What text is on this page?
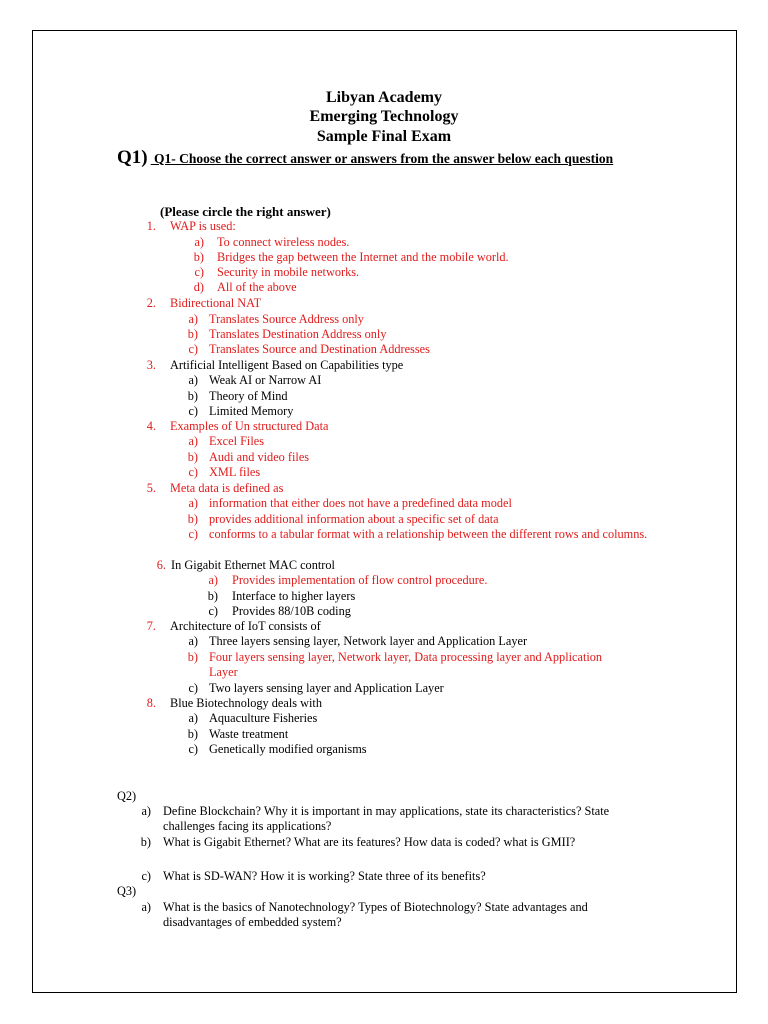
Libyan Academy
Emerging Technology
Sample Final Exam
Q1) Q1- Choose the correct answer or answers from the answer below each question
(Please circle the right answer)
1. WAP is used:
a) To connect wireless nodes.
b) Bridges the gap between the Internet and the mobile world.
c) Security in mobile networks.
d) All of the above
2. Bidirectional NAT
a) Translates Source Address only
b) Translates Destination Address only
c) Translates Source and Destination Addresses
3. Artificial Intelligent Based on Capabilities type
a) Weak AI or Narrow AI
b) Theory of Mind
c) Limited Memory
4. Examples of Un structured Data
a) Excel Files
b) Audi and video files
c) XML files
5. Meta data is defined as
a) information that either does not have a predefined data model
b) provides additional information about a specific set of data
c) conforms to a tabular format with a relationship between the different rows and columns.
6. In Gigabit Ethernet MAC control
a) Provides implementation of flow control procedure.
b) Interface to higher layers
c) Provides 88/10B coding
7. Architecture of IoT consists of
a) Three layers sensing layer, Network layer and Application Layer
b) Four layers sensing layer, Network layer, Data processing layer and Application Layer
c) Two layers sensing layer and Application Layer
8. Blue Biotechnology deals with
a) Aquaculture Fisheries
b) Waste treatment
c) Genetically modified organisms
Q2)
a) Define Blockchain? Why it is important in may applications, state its characteristics? State challenges facing its applications?
b) What is Gigabit Ethernet? What are its features? How data is coded? what is GMII?
c) What is SD-WAN? How it is working? State three of its benefits?
Q3)
a) What is the basics of Nanotechnology? Types of Biotechnology? State advantages and disadvantages of embedded system?
